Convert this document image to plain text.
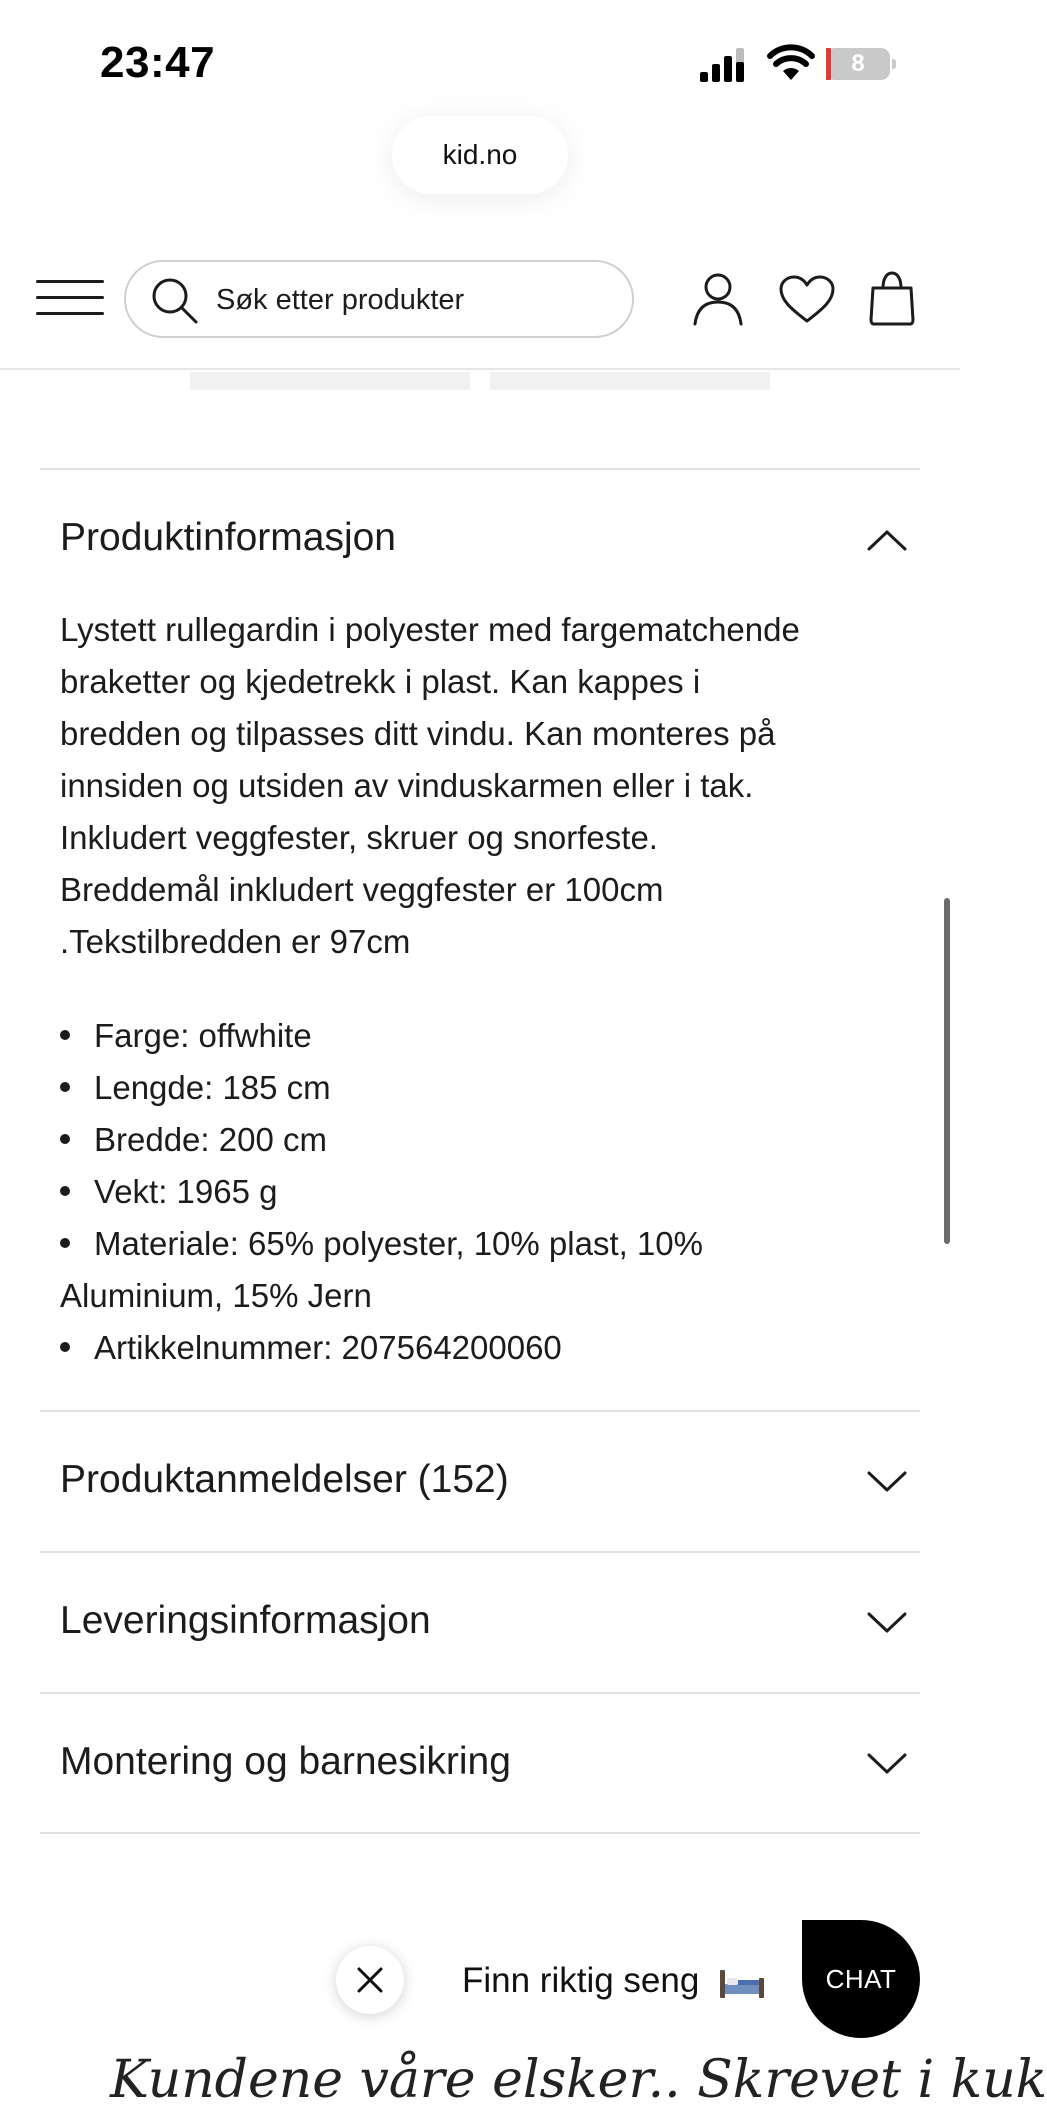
23:47	8
kid.no
Søk etter produkter
Produktinformasjon
Lystett rullegardin i polyester med fargematchende
braketter og kjedetrekk i plast. Kan kappes i
bredden og tilpasses ditt vindu. Kan monteres på
innsiden og utsiden av vinduskarmen eller i tak.
Inkludert veggfester, skruer og snorfeste.
Breddemål inkludert veggfester er 100cm
.Tekstilbredden er 97cm
Farge: offwhite
Lengde: 185 cm
Bredde: 200 cm
Vekt: 1965 g
Materiale: 65% polyester, 10% plast, 10%
Aluminium, 15% Jern
Artikkelnummer: 207564200060
Produktanmeldelser (152)
Leveringsinformasjon
Montering og barnesikring
Kundene våre elsker.. Skrevet i kuk
Finn riktig seng	CHAT
